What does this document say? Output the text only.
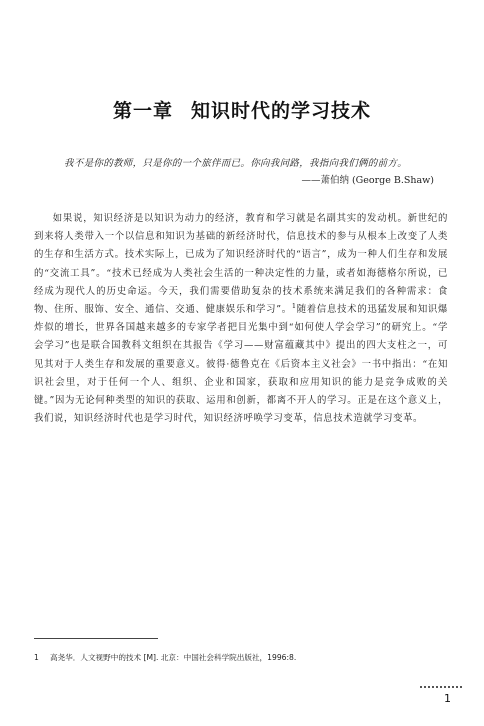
第一章 知识时代的学习技术
我不是你的教师，只是你的一个旅伴而已。你向我问路，我指向我们俩的前方。
——萧伯纳 (George B.Shaw)
如果说，知识经济是以知识为动力的经济，教育和学习就是名副其实的发动机。新世纪的到来将人类带入一个以信息和知识为基础的新经济时代，信息技术的参与从根本上改变了人类的生存和生活方式。技术实际上，已成为了知识经济时代的“语言”，成为一种人们生存和发展的“交流工具”。“技术已经成为人类社会生活的一种决定性的力量，或者如海德格尔所说，已经成为现代人的历史命运。今天，我们需要借助复杂的技术系统来满足我们的各种需求：食物、住所、服饰、安全、通信、交通、健康娱乐和学习”。$^1$随着信息技术的迅猛发展和知识爆炸似的增长，世界各国越来越多的专家学者把目光集中到“如何使人学会学习”的研究上。“学会学习”也是联合国教科文组织在其报告《学习——财富蕴藏其中》提出的四大支柱之一，可见其对于人类生存和发展的重要意义。彼得·德鲁克在《后资本主义社会》一书中指出：“在知识社会里，对于任何一个人、组织、企业和国家，获取和应用知识的能力是竞争成败的关键。”因为无论何种类型的知识的获取、运用和创新，都离不开人的学习。正是在这个意义上，我们说，知识经济时代也是学习时代，知识经济呼唤学习变革，信息技术造就学习变革。
1 高尧华．人文视野中的技术 [M]. 北京：中国社会科学院出版社，1996:8.
1
